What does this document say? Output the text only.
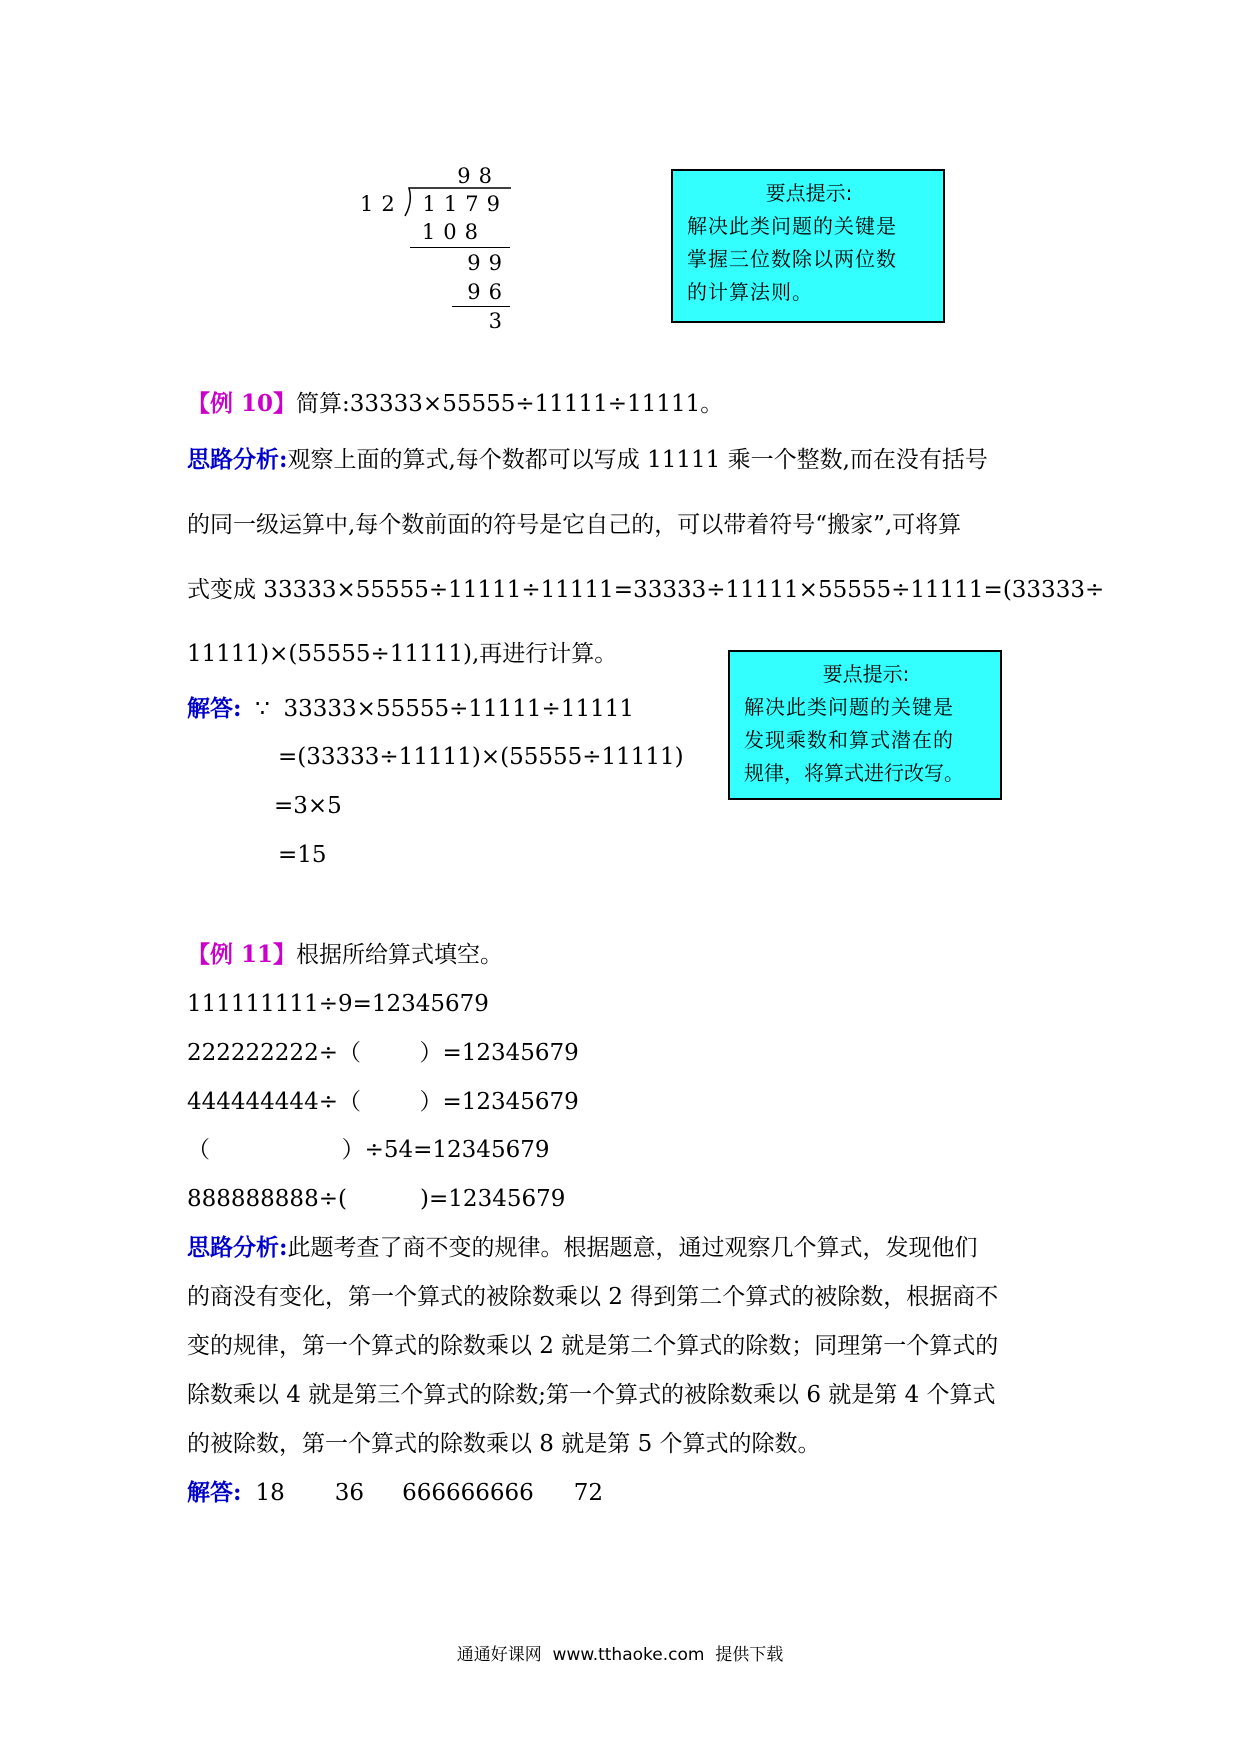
98
12 1179
108
99
96
3
要点提示:
解决此类问题的关键是
掌握三位数除以两位数
的计算法则。
【例 10】简算:33333×55555÷11111÷11111。
思路分析:观察上面的算式,每个数都可以写成 11111 乘一个整数,而在没有括号
的同一级运算中,每个数前面的符号是它自己的，可以带着符号“搬家”,可将算
式变成 33333×55555÷11111÷11111=33333÷11111×55555÷11111=(33333÷
11111)×(55555÷11111),再进行计算。
解答: ∵ 33333×55555÷11111÷11111
=(33333÷11111)×(55555÷11111)
=3×5
=15
要点提示:
解决此类问题的关键是
发现乘数和算式潜在的
规律，将算式进行改写。
【例 11】根据所给算式填空。
111111111÷9=12345679
222222222÷（        ）=12345679
444444444÷（        ）=12345679
（                  ）÷54=12345679
888888888÷(          )=12345679
思路分析:此题考查了商不变的规律。根据题意，通过观察几个算式，发现他们
的商没有变化，第一个算式的被除数乘以 2 得到第二个算式的被除数，根据商不
变的规律，第一个算式的除数乘以 2 就是第二个算式的除数；同理第一个算式的
除数乘以 4 就是第三个算式的除数;第一个算式的被除数乘以 6 就是第 4 个算式
的被除数，第一个算式的除数乘以 8 就是第 5 个算式的除数。
解答: 18 36 666666666 72
通通好课网  www.tthaoke.com  提供下载
